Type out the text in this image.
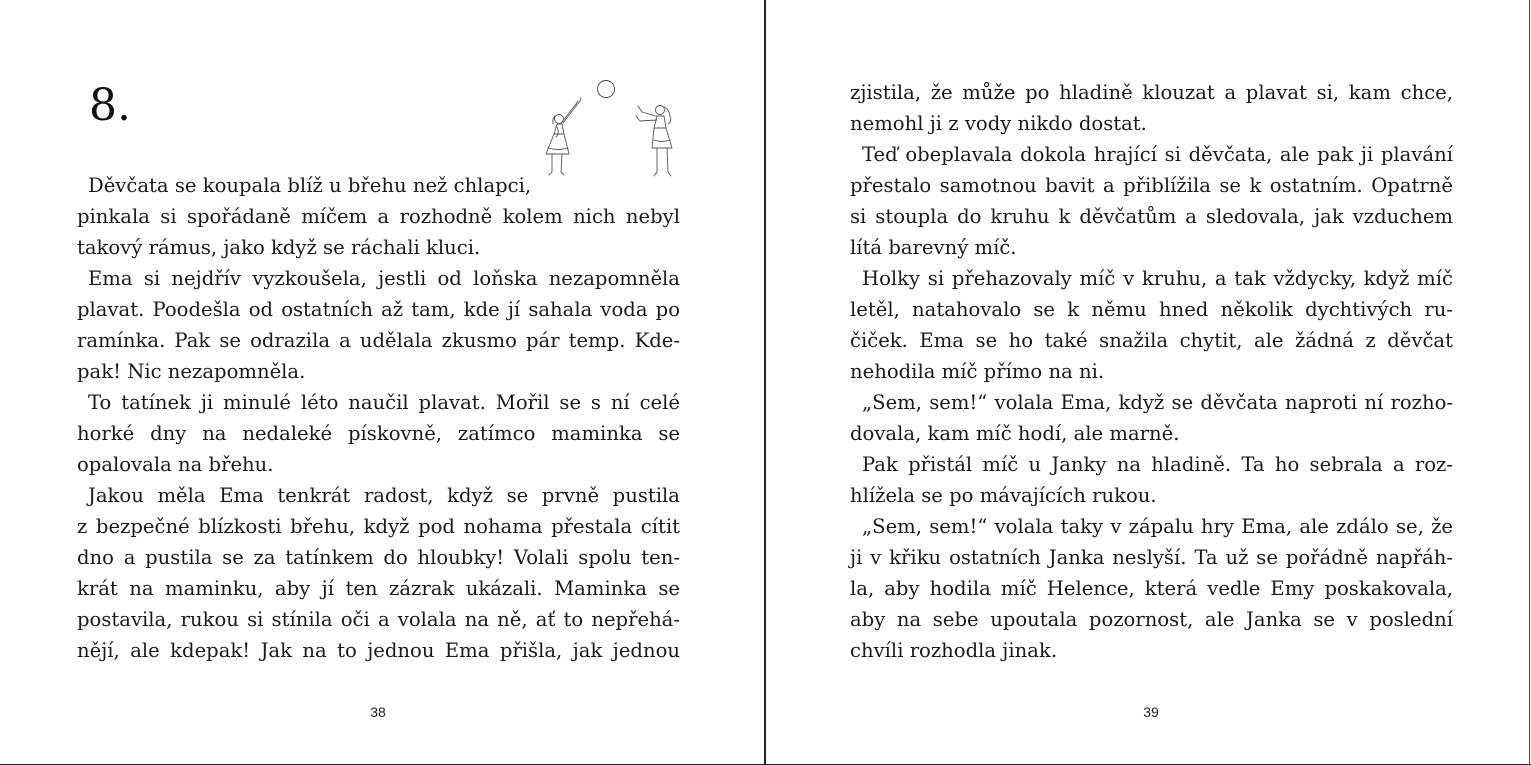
8.
Děvčata se koupala blíž u břehu než chlapci,
pinkala si spořádaně míčem a rozhodně kolem nich nebyl
takový rámus, jako když se ráchali kluci.
Ema si nejdřív vyzkoušela, jestli od loňska nezapomněla
plavat. Poodešla od ostatních až tam, kde jí sahala voda po
ramínka. Pak se odrazila a udělala zkusmo pár temp. Kde-
pak! Nic nezapomněla.
To tatínek ji minulé léto naučil plavat. Mořil se s ní celé
horké dny na nedaleké pískovně, zatímco maminka se
opalovala na břehu.
Jakou měla Ema tenkrát radost, když se prvně pustila
z bezpečné blízkosti břehu, když pod nohama přestala cítit
dno a pustila se za tatínkem do hloubky! Volali spolu ten-
krát na maminku, aby jí ten zázrak ukázali. Maminka se
postavila, rukou si stínila oči a volala na ně, ať to nepřehá-
nějí, ale kdepak! Jak na to jednou Ema přišla, jak jednou
38
zjistila, že může po hladině klouzat a plavat si, kam chce,
nemohl ji z vody nikdo dostat.
Teď obeplavala dokola hrající si děvčata, ale pak ji plavání
přestalo samotnou bavit a přiblížila se k ostatním. Opatrně
si stoupla do kruhu k děvčatům a sledovala, jak vzduchem
lítá barevný míč.
Holky si přehazovaly míč v kruhu, a tak vždycky, když míč
letěl, natahovalo se k němu hned několik dychtivých ru-
čiček. Ema se ho také snažila chytit, ale žádná z děvčat
nehodila míč přímo na ni.
„Sem, sem!“ volala Ema, když se děvčata naproti ní rozho-
dovala, kam míč hodí, ale marně.
Pak přistál míč u Janky na hladině. Ta ho sebrala a roz-
hlížela se po mávajících rukou.
„Sem, sem!“ volala taky v zápalu hry Ema, ale zdálo se, že
ji v křiku ostatních Janka neslyší. Ta už se pořádně napřáh-
la, aby hodila míč Helence, která vedle Emy poskakovala,
aby na sebe upoutala pozornost, ale Janka se v poslední
chvíli rozhodla jinak.
39
